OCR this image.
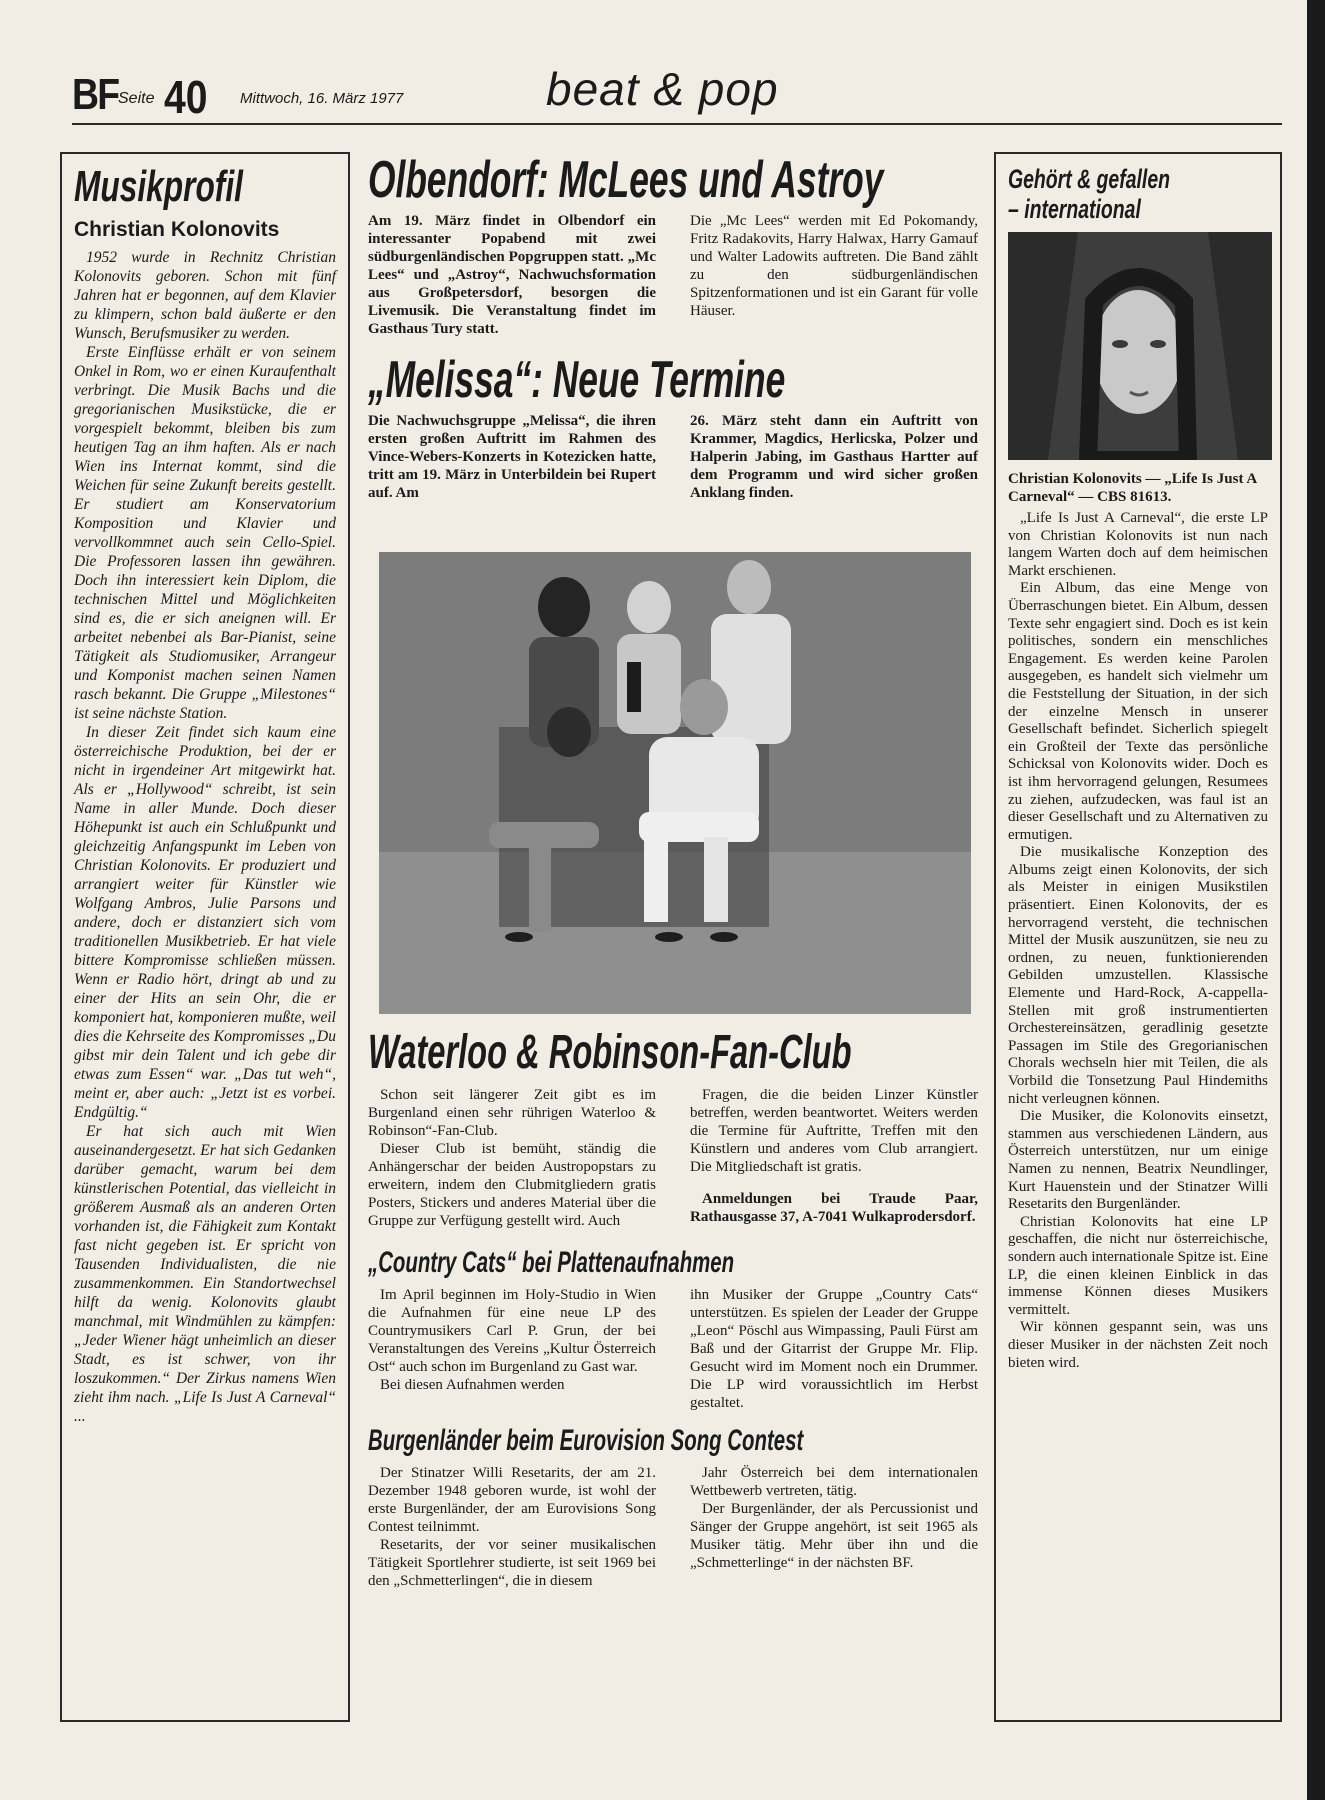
BF Seite 40 Mittwoch, 16. März 1977	beat & pop
Musikprofil
Christian Kolonovits

1952 wurde in Rechnitz Christian Kolonovits geboren. Schon mit fünf Jahren hat er begonnen, auf dem Klavier zu klimpern, schon bald äußerte er den Wunsch, Berufsmusiker zu werden.

Erste Einflüsse erhält er von seinem Onkel in Rom, wo er einen Kuraufenthalt verbringt. Die Musik Bachs und die gregorianischen Musikstücke, die er vorgespielt bekommt, bleiben bis zum heutigen Tag an ihm haften. Als er nach Wien ins Internat kommt, sind die Weichen für seine Zukunft bereits gestellt. Er studiert am Konservatorium Komposition und Klavier und vervollkommnet auch sein Cello-Spiel. Die Professoren lassen ihn gewähren. Doch ihn interessiert kein Diplom, die technischen Mittel und Möglichkeiten sind es, die er sich aneignen will. Er arbeitet nebenbei als Bar-Pianist, seine Tätigkeit als Studiomusiker, Arrangeur und Komponist machen seinen Namen rasch bekannt. Die Gruppe „Milestones“ ist seine nächste Station.

In dieser Zeit findet sich kaum eine österreichische Produktion, bei der er nicht in irgendeiner Art mitgewirkt hat. Als er „Hollywood“ schreibt, ist sein Name in aller Munde. Doch dieser Höhepunkt ist auch ein Schlußpunkt und gleichzeitig Anfangspunkt im Leben von Christian Kolonovits. Er produziert und arrangiert weiter für Künstler wie Wolfgang Ambros, Julie Parsons und andere, doch er distanziert sich vom traditionellen Musikbetrieb. Er hat viele bittere Kompromisse schließen müssen. Wenn er Radio hört, dringt ab und zu einer der Hits an sein Ohr, die er komponiert hat, komponieren mußte, weil dies die Kehrseite des Kompromisses „Du gibst mir dein Talent und ich gebe dir etwas zum Essen“ war. „Das tut weh“, meint er, aber auch: „Jetzt ist es vorbei. Endgültig.“

Er hat sich auch mit Wien auseinandergesetzt. Er hat sich Gedanken darüber gemacht, warum bei dem künstlerischen Potential, das vielleicht in größerem Ausmaß als an anderen Orten vorhanden ist, die Fähigkeit zum Kontakt fast nicht gegeben ist. Er spricht von Tausenden Individualisten, die nie zusammenkommen. Ein Standortwechsel hilft da wenig. Kolonovits glaubt manchmal, mit Windmühlen zu kämpfen: „Jeder Wiener hägt unheimlich an dieser Stadt, es ist schwer, von ihr loszukommen.“ Der Zirkus namens Wien zieht ihm nach. „Life Is Just A Carneval“ ...

Olbendorf: McLees und Astroy
Am 19. März findet in Olbendorf ein interessanter Popabend mit zwei südburgenländischen Popgruppen statt. „Mc Lees“ und „Astroy“, Nachwuchsformation aus Großpetersdorf, besorgen die Livemusik. Die Veranstaltung findet im Gasthaus Tury statt.
Die „Mc Lees“ werden mit Ed Pokomandy, Fritz Radakovits, Harry Halwax, Harry Gamauf und Walter Ladowits auftreten. Die Band zählt zu den südburgenländischen Spitzenformationen und ist ein Garant für volle Häuser.
„Melissa“: Neue Termine
Die Nachwuchsgruppe „Melissa“, die ihren ersten großen Auftritt im Rahmen des Vince-Webers-Konzerts in Kotezicken hatte, tritt am 19. März in Unterbildein bei Rupert auf. Am
26. März steht dann ein Auftritt von Krammer, Magdics, Herlicska, Polzer und Halperin Jabing, im Gasthaus Hartter auf dem Programm und wird sicher großen Anklang finden.
Waterloo & Robinson-Fan-Club

Schon seit längerer Zeit gibt es im Burgenland einen sehr rührigen Waterloo & Robinson“-Fan-Club.

Dieser Club ist bemüht, ständig die Anhängerschar der beiden Austropopstars zu erweitern, indem den Clubmitgliedern gratis Posters, Stickers und anderes Material über die Gruppe zur Verfügung gestellt wird. Auch

Fragen, die die beiden Linzer Künstler betreffen, werden beantwortet. Weiters werden die Termine für Auftritte, Treffen mit den Künstlern und anderes vom Club arrangiert. Die Mitgliedschaft ist gratis.

Anmeldungen bei Traude Paar, Rathausgasse 37, A-7041 Wulkaprodersdorf.

„Country Cats“ bei Plattenaufnahmen

Im April beginnen im Holy-Studio in Wien die Aufnahmen für eine neue LP des Countrymusikers Carl P. Grun, der bei Veranstaltungen des Vereins „Kultur Österreich Ost“ auch schon im Burgenland zu Gast war.

Bei diesen Aufnahmen werden

ihn Musiker der Gruppe „Country Cats“ unterstützen. Es spielen der Leader der Gruppe „Leon“ Pöschl aus Wimpassing, Pauli Fürst am Baß und der Gitarrist der Gruppe Mr. Flip. Gesucht wird im Moment noch ein Drummer. Die LP wird voraussichtlich im Herbst gestaltet.
Burgenländer beim Eurovision Song Contest

Der Stinatzer Willi Resetarits, der am 21. Dezember 1948 geboren wurde, ist wohl der erste Burgenländer, der am Eurovisions Song Contest teilnimmt.

Resetarits, der vor seiner musikalischen Tätigkeit Sportlehrer studierte, ist seit 1969 bei den „Schmetterlingen“, die in diesem

Jahr Österreich bei dem internationalen Wettbewerb vertreten, tätig.

Der Burgenländer, der als Percussionist und Sänger der Gruppe angehört, ist seit 1965 als Musiker tätig. Mehr über ihn und die „Schmetterlinge“ in der nächsten BF.

Gehört & gefallen
– international
Christian Kolonovits — „Life Is Just A Carneval“ — CBS 81613.

„Life Is Just A Carneval“, die erste LP von Christian Kolonovits ist nun nach langem Warten doch auf dem heimischen Markt erschienen.

Ein Album, das eine Menge von Überraschungen bietet. Ein Album, dessen Texte sehr engagiert sind. Doch es ist kein politisches, sondern ein menschliches Engagement. Es werden keine Parolen ausgegeben, es handelt sich vielmehr um die Feststellung der Situation, in der sich der einzelne Mensch in unserer Gesellschaft befindet. Sicherlich spiegelt ein Großteil der Texte das persönliche Schicksal von Kolonovits wider. Doch es ist ihm hervorragend gelungen, Resumees zu ziehen, aufzudecken, was faul ist an dieser Gesellschaft und zu Alternativen zu ermutigen.

Die musikalische Konzeption des Albums zeigt einen Kolonovits, der sich als Meister in einigen Musikstilen präsentiert. Einen Kolonovits, der es hervorragend versteht, die technischen Mittel der Musik auszunützen, sie neu zu ordnen, zu neuen, funktionierenden Gebilden umzustellen. Klassische Elemente und Hard-Rock, A-cappella-Stellen mit groß instrumentierten Orchestereinsätzen, geradlinig gesetzte Passagen im Stile des Gregorianischen Chorals wechseln hier mit Teilen, die als Vorbild die Tonsetzung Paul Hindemiths nicht verleugnen können.

Die Musiker, die Kolonovits einsetzt, stammen aus verschiedenen Ländern, aus Österreich unterstützen, nur um einige Namen zu nennen, Beatrix Neundlinger, Kurt Hauenstein und der Stinatzer Willi Resetarits den Burgenländer.

Christian Kolonovits hat eine LP geschaffen, die nicht nur österreichische, sondern auch internationale Spitze ist. Eine LP, die einen kleinen Einblick in das immense Können dieses Musikers vermittelt.

Wir können gespannt sein, was uns dieser Musiker in der nächsten Zeit noch bieten wird.
